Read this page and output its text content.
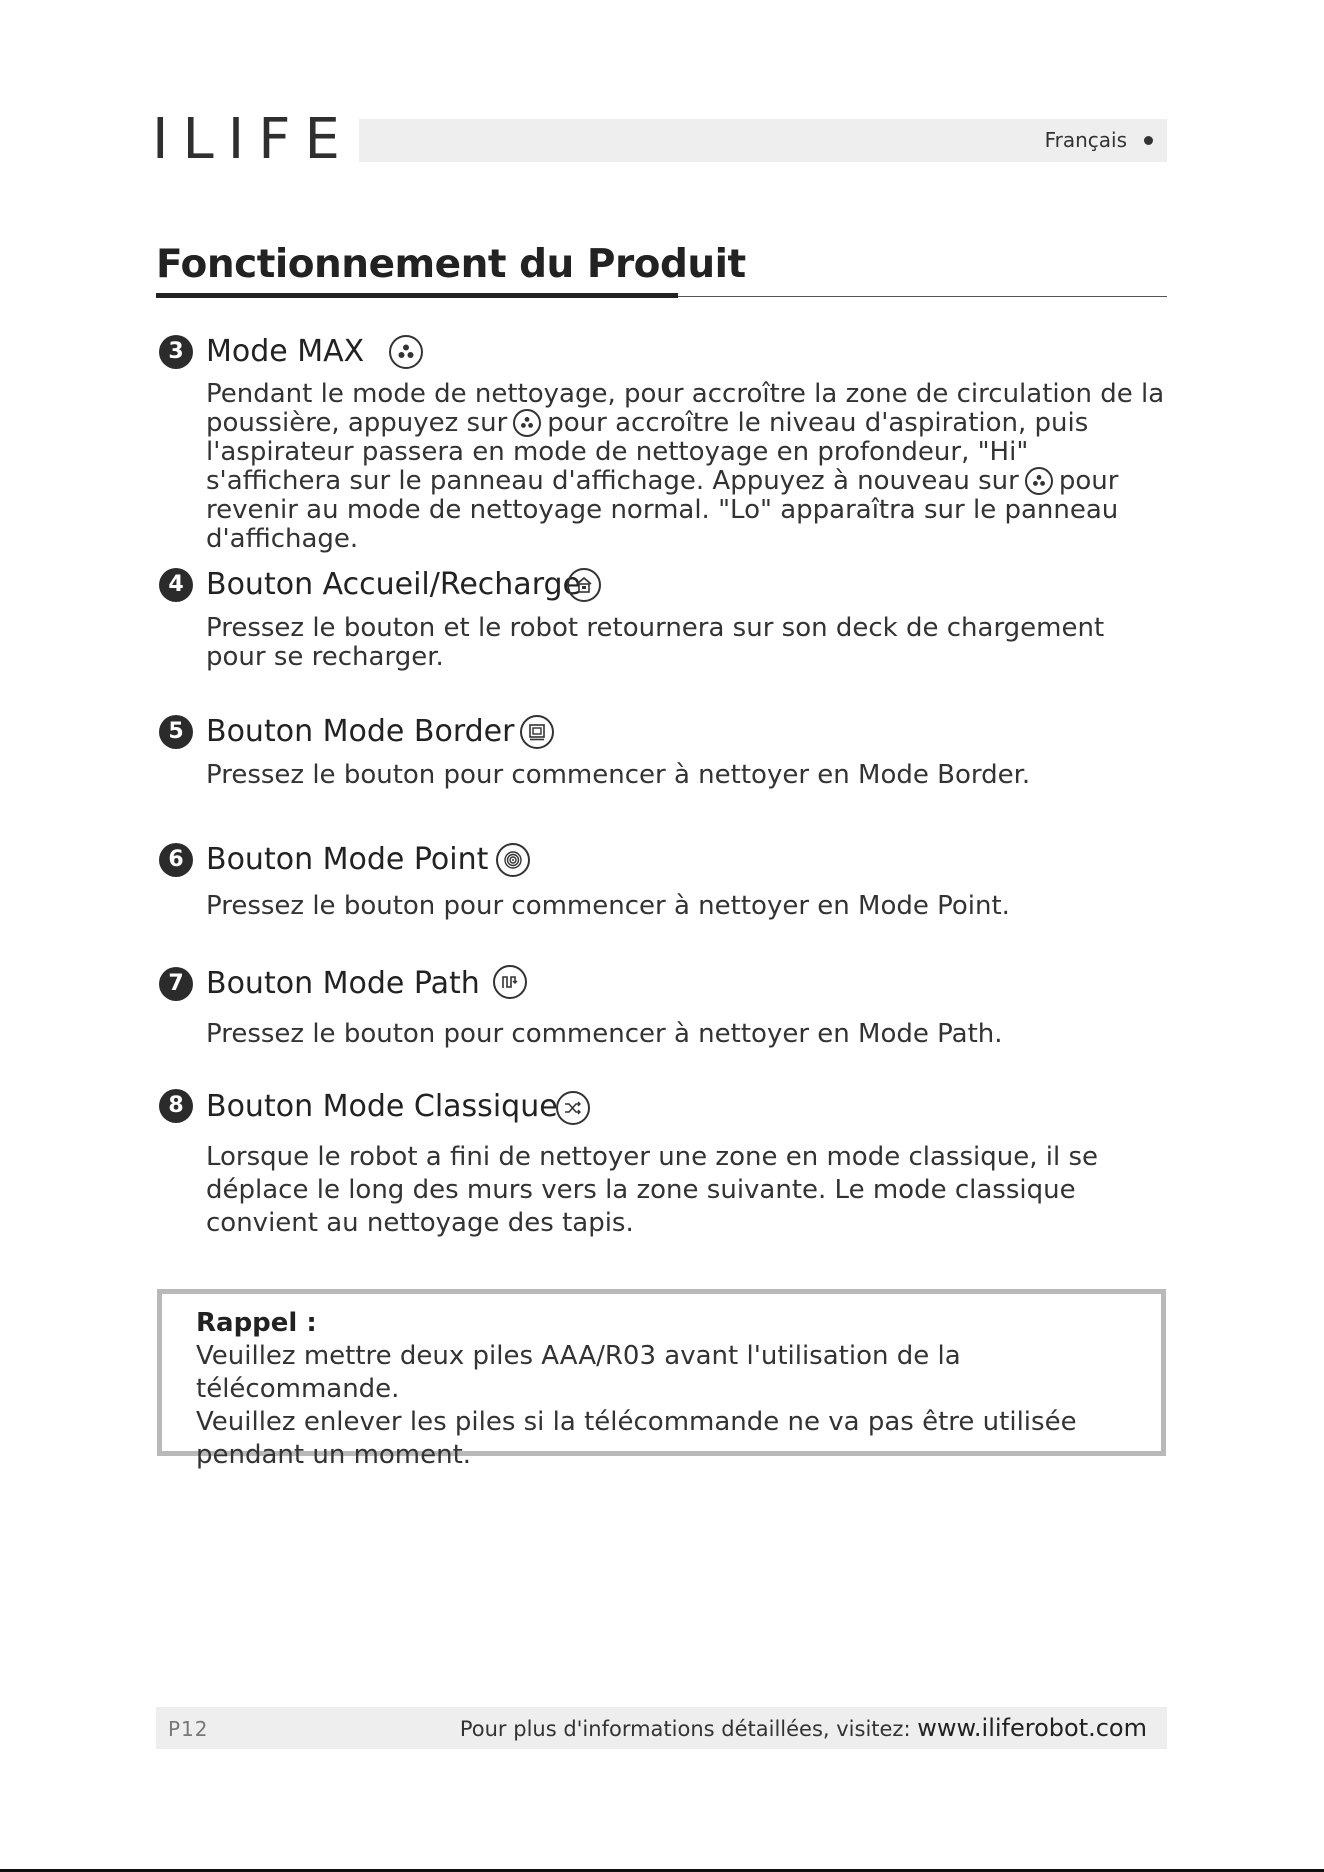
ILIFE	Français
Fonctionnement du Produit
3 Mode MAX
Pendant le mode de nettoyage, pour accroître la zone de circulation de la poussière, appuyez sur pour accroître le niveau d'aspiration, puis l'aspirateur passera en mode de nettoyage en profondeur, "Hi" s'affichera sur le panneau d'affichage. Appuyez à nouveau sur pour revenir au mode de nettoyage normal. "Lo" apparaîtra sur le panneau d'affichage.
4 Bouton Accueil/Recharge
Pressez le bouton et le robot retournera sur son deck de chargement pour se recharger.
5 Bouton Mode Border
Pressez le bouton pour commencer à nettoyer en Mode Border.
6 Bouton Mode Point
Pressez le bouton pour commencer à nettoyer en Mode Point.
7 Bouton Mode Path
Pressez le bouton pour commencer à nettoyer en Mode Path.
8 Bouton Mode Classique
Lorsque le robot a fini de nettoyer une zone en mode classique, il se déplace le long des murs vers la zone suivante. Le mode classique convient au nettoyage des tapis.
Rappel :
Veuillez mettre deux piles AAA/R03 avant l'utilisation de la télécommande.
Veuillez enlever les piles si la télécommande ne va pas être utilisée pendant un moment.
P12	Pour plus d'informations détaillées, visitez: www.iliferobot.com
